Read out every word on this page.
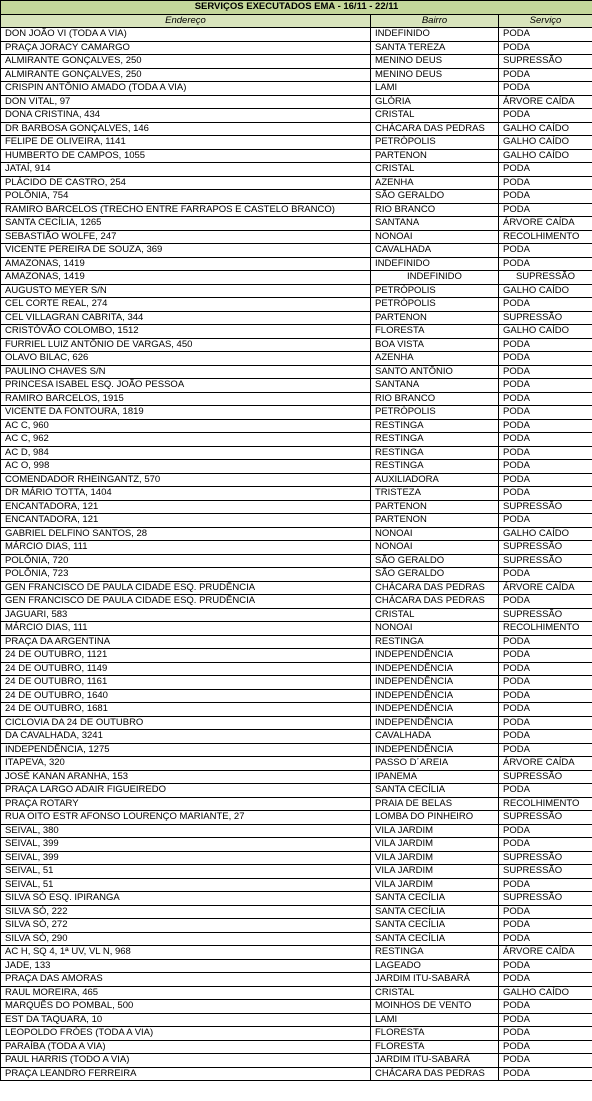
SERVIÇOS EXECUTADOS EMA - 16/11 - 22/11		
Endereço	Bairro	Serviço
DON JOÃO VI (TODA A VIA)	INDEFINIDO	PODA
PRAÇA JORACY CAMARGO	SANTA TEREZA	PODA
ALMIRANTE GONÇALVES, 250	MENINO DEUS	SUPRESSÃO
ALMIRANTE GONÇALVES, 250	MENINO DEUS	PODA
CRISPIN ANTÔNIO AMADO (TODA A VIA)	LAMI	PODA
DON VITAL, 97	GLÓRIA	ÁRVORE CAÍDA
DONA CRISTINA, 434	CRISTAL	PODA
DR BARBOSA GONÇALVES, 146	CHÁCARA DAS PEDRAS	GALHO CAÍDO
FELIPE DE OLIVEIRA, 1141	PETRÓPOLIS	GALHO CAÍDO
HUMBERTO DE CAMPOS, 1055	PARTENON	GALHO CAÍDO
JATAÍ, 914	CRISTAL	PODA
PLÁCIDO DE CASTRO, 254	AZENHA	PODA
POLÔNIA, 754	SÃO GERALDO	PODA
RAMIRO BARCELOS (TRECHO ENTRE FARRAPOS E CASTELO BRANCO)	RIO BRANCO	PODA
SANTA CECÍLIA, 1265	SANTANA	ÁRVORE CAÍDA
SEBASTIÃO WOLFE, 247	NONOAI	RECOLHIMENTO
VICENTE PEREIRA DE SOUZA, 369	CAVALHADA	PODA
AMAZONAS, 1419	INDEFINIDO	PODA
AMAZONAS, 1419	INDEFINIDO	SUPRESSÃO
AUGUSTO MEYER S/N	PETRÓPOLIS	GALHO CAÍDO
CEL CORTE REAL, 274	PETRÓPOLIS	PODA
CEL VILLAGRAN CABRITA, 344	PARTENON	SUPRESSÃO
CRISTÓVÃO COLOMBO, 1512	FLORESTA	GALHO CAÍDO
FURRIEL LUIZ ANTÔNIO DE VARGAS, 450	BOA VISTA	PODA
OLAVO BILAC, 626	AZENHA	PODA
PAULINO CHAVES S/N	SANTO ANTÔNIO	PODA
PRINCESA ISABEL ESQ. JOÃO PESSOA	SANTANA	PODA
RAMIRO BARCELOS, 1915	RIO BRANCO	PODA
VICENTE DA FONTOURA, 1819	PETRÓPOLIS	PODA
AC C, 960	RESTINGA	PODA
AC C, 962	RESTINGA	PODA
AC D, 984	RESTINGA	PODA
AC O, 998	RESTINGA	PODA
COMENDADOR RHEINGANTZ, 570	AUXILIADORA	PODA
DR MÁRIO TOTTA, 1404	TRISTEZA	PODA
ENCANTADORA, 121	PARTENON	SUPRESSÃO
ENCANTADORA, 121	PARTENON	PODA
GABRIEL DELFINO SANTOS, 28	NONOAI	GALHO CAÍDO
MÁRCIO DIAS, 111	NONOAI	SUPRESSÃO
POLÔNIA, 720	SÃO GERALDO	SUPRESSÃO
POLÔNIA, 723	SÃO GERALDO	PODA
GEN FRANCISCO DE PAULA CIDADE ESQ. PRUDÊNCIA	CHÁCARA DAS PEDRAS	ÁRVORE CAÍDA
GEN FRANCISCO DE PAULA CIDADE ESQ. PRUDÊNCIA	CHÁCARA DAS PEDRAS	PODA
JAGUARI, 583	CRISTAL	SUPRESSÃO
MÁRCIO DIAS, 111	NONOAI	RECOLHIMENTO
PRAÇA DA ARGENTINA	RESTINGA	PODA
24 DE OUTUBRO, 1121	INDEPENDÊNCIA	PODA
24 DE OUTUBRO, 1149	INDEPENDÊNCIA	PODA
24 DE OUTUBRO, 1161	INDEPENDÊNCIA	PODA
24 DE OUTUBRO, 1640	INDEPENDÊNCIA	PODA
24 DE OUTUBRO, 1681	INDEPENDÊNCIA	PODA
CICLOVIA DA 24 DE OUTUBRO	INDEPENDÊNCIA	PODA
DA CAVALHADA, 3241	CAVALHADA	PODA
INDEPENDÊNCIA, 1275	INDEPENDÊNCIA	PODA
ITAPEVA, 320	PASSO D´AREIA	ÁRVORE CAÍDA
JOSÉ KANAN ARANHA, 153	IPANEMA	SUPRESSÃO
PRAÇA LARGO ADAIR FIGUEIREDO	SANTA CECÍLIA	PODA
PRAÇA ROTARY	PRAIA DE BELAS	RECOLHIMENTO
RUA OITO ESTR AFONSO LOURENÇO MARIANTE, 27	LOMBA DO PINHEIRO	SUPRESSÃO
SEIVAL, 380	VILA JARDIM	PODA
SEIVAL, 399	VILA JARDIM	PODA
SEIVAL, 399	VILA JARDIM	SUPRESSÃO
SEIVAL, 51	VILA JARDIM	SUPRESSÃO
SEIVAL, 51	VILA JARDIM	PODA
SILVA SÓ ESQ. IPIRANGA	SANTA CECÍLIA	SUPRESSÃO
SILVA SÓ, 222	SANTA CECÍLIA	PODA
SILVA SÓ, 272	SANTA CECÍLIA	PODA
SILVA SÓ, 290	SANTA CECÍLIA	PODA
AC H, SQ 4, 1ª UV, VL N, 968	RESTINGA	ÁRVORE CAÍDA
JADE, 133	LAGEADO	PODA
PRAÇA DAS AMORAS	JARDIM ITU-SABARÁ	PODA
RAUL MOREIRA, 465	CRISTAL	GALHO CAÍDO
MARQUÊS DO POMBAL, 500	MOINHOS DE VENTO	PODA
EST DA TAQUARA, 10	LAMI	PODA
LEOPOLDO FRÓES (TODA A VIA)	FLORESTA	PODA
PARAÍBA (TODA A VIA)	FLORESTA	PODA
PAUL HARRIS (TODO A VIA)	JARDIM ITU-SABARÁ	PODA
PRAÇA LEANDRO FERREIRA	CHÁCARA DAS PEDRAS	PODA
